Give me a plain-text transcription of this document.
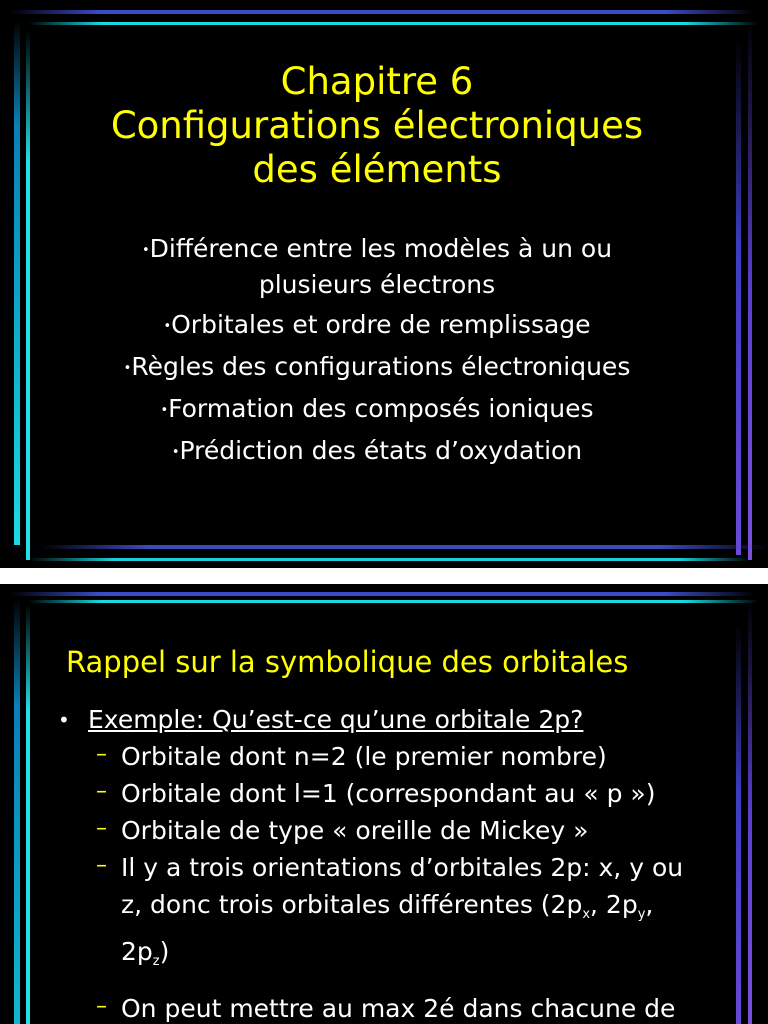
Chapitre 6
Configurations électroniques
des éléments
•Différence entre les modèles à un ou
plusieurs électrons
•Orbitales et ordre de remplissage
•Règles des configurations électroniques
•Formation des composés ioniques
•Prédiction des états d’oxydation
Rappel sur la symbolique des orbitales
• Exemple: Qu’est-ce qu’une orbitale 2p?
– Orbitale dont n=2 (le premier nombre)
– Orbitale dont l=1 (correspondant au « p »)
– Orbitale de type « oreille de Mickey »
– Il y a trois orientations d’orbitales 2p: x, y ou
z, donc trois orbitales différentes ($2p_x$, $2p_y$,
$2p_z$)
– On peut mettre au max 2é dans chacune de
